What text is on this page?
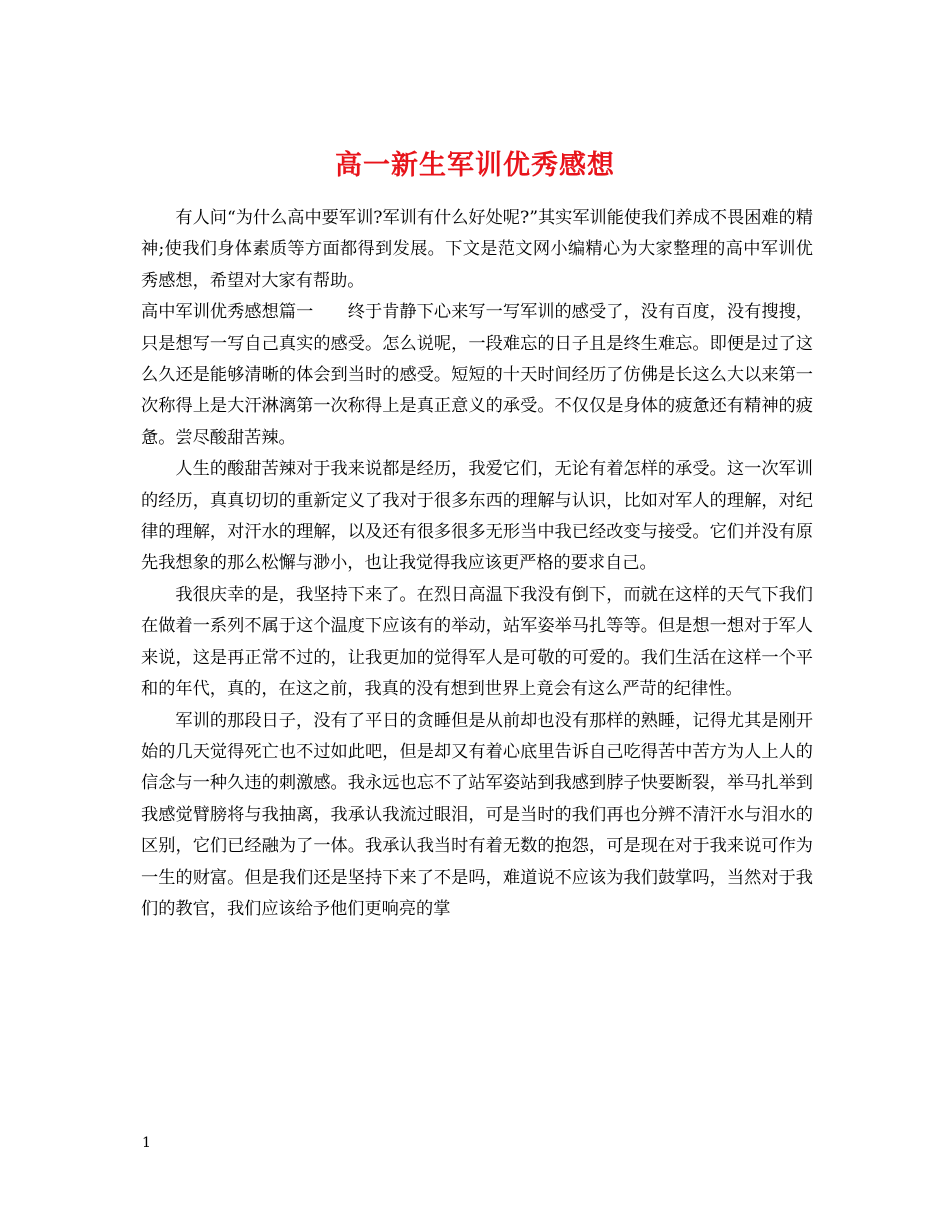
高一新生军训优秀感想

有人问“为什么高中要军训?军训有什么好处呢?”其实军训能使我们养成不畏困难的精神;使我们身体素质等方面都得到发展。下文是范文网小编精心为大家整理的高中军训优秀感想，希望对大家有帮助。

高中军训优秀感想篇一 终于肯静下心来写一写军训的感受了，没有百度，没有搜搜，只是想写一写自己真实的感受。怎么说呢，一段难忘的日子且是终生难忘。即便是过了这么久还是能够清晰的体会到当时的感受。短短的十天时间经历了仿佛是长这么大以来第一次称得上是大汗淋漓第一次称得上是真正意义的承受。不仅仅是身体的疲惫还有精神的疲惫。尝尽酸甜苦辣。

人生的酸甜苦辣对于我来说都是经历，我爱它们，无论有着怎样的承受。这一次军训的经历，真真切切的重新定义了我对于很多东西的理解与认识，比如对军人的理解，对纪律的理解，对汗水的理解，以及还有很多很多无形当中我已经改变与接受。它们并没有原先我想象的那么松懈与渺小，也让我觉得我应该更严格的要求自己。

我很庆幸的是，我坚持下来了。在烈日高温下我没有倒下，而就在这样的天气下我们在做着一系列不属于这个温度下应该有的举动，站军姿举马扎等等。但是想一想对于军人来说，这是再正常不过的，让我更加的觉得军人是可敬的可爱的。我们生活在这样一个平和的年代，真的，在这之前，我真的没有想到世界上竟会有这么严苛的纪律性。

军训的那段日子，没有了平日的贪睡但是从前却也没有那样的熟睡，记得尤其是刚开始的几天觉得死亡也不过如此吧，但是却又有着心底里告诉自己吃得苦中苦方为人上人的信念与一种久违的刺激感。我永远也忘不了站军姿站到我感到脖子快要断裂，举马扎举到我感觉臂膀将与我抽离，我承认我流过眼泪，可是当时的我们再也分辨不清汗水与泪水的区别，它们已经融为了一体。我承认我当时有着无数的抱怨，可是现在对于我来说可作为一生的财富。但是我们还是坚持下来了不是吗，难道说不应该为我们鼓掌吗，当然对于我们的教官，我们应该给予他们更响亮的掌

1
